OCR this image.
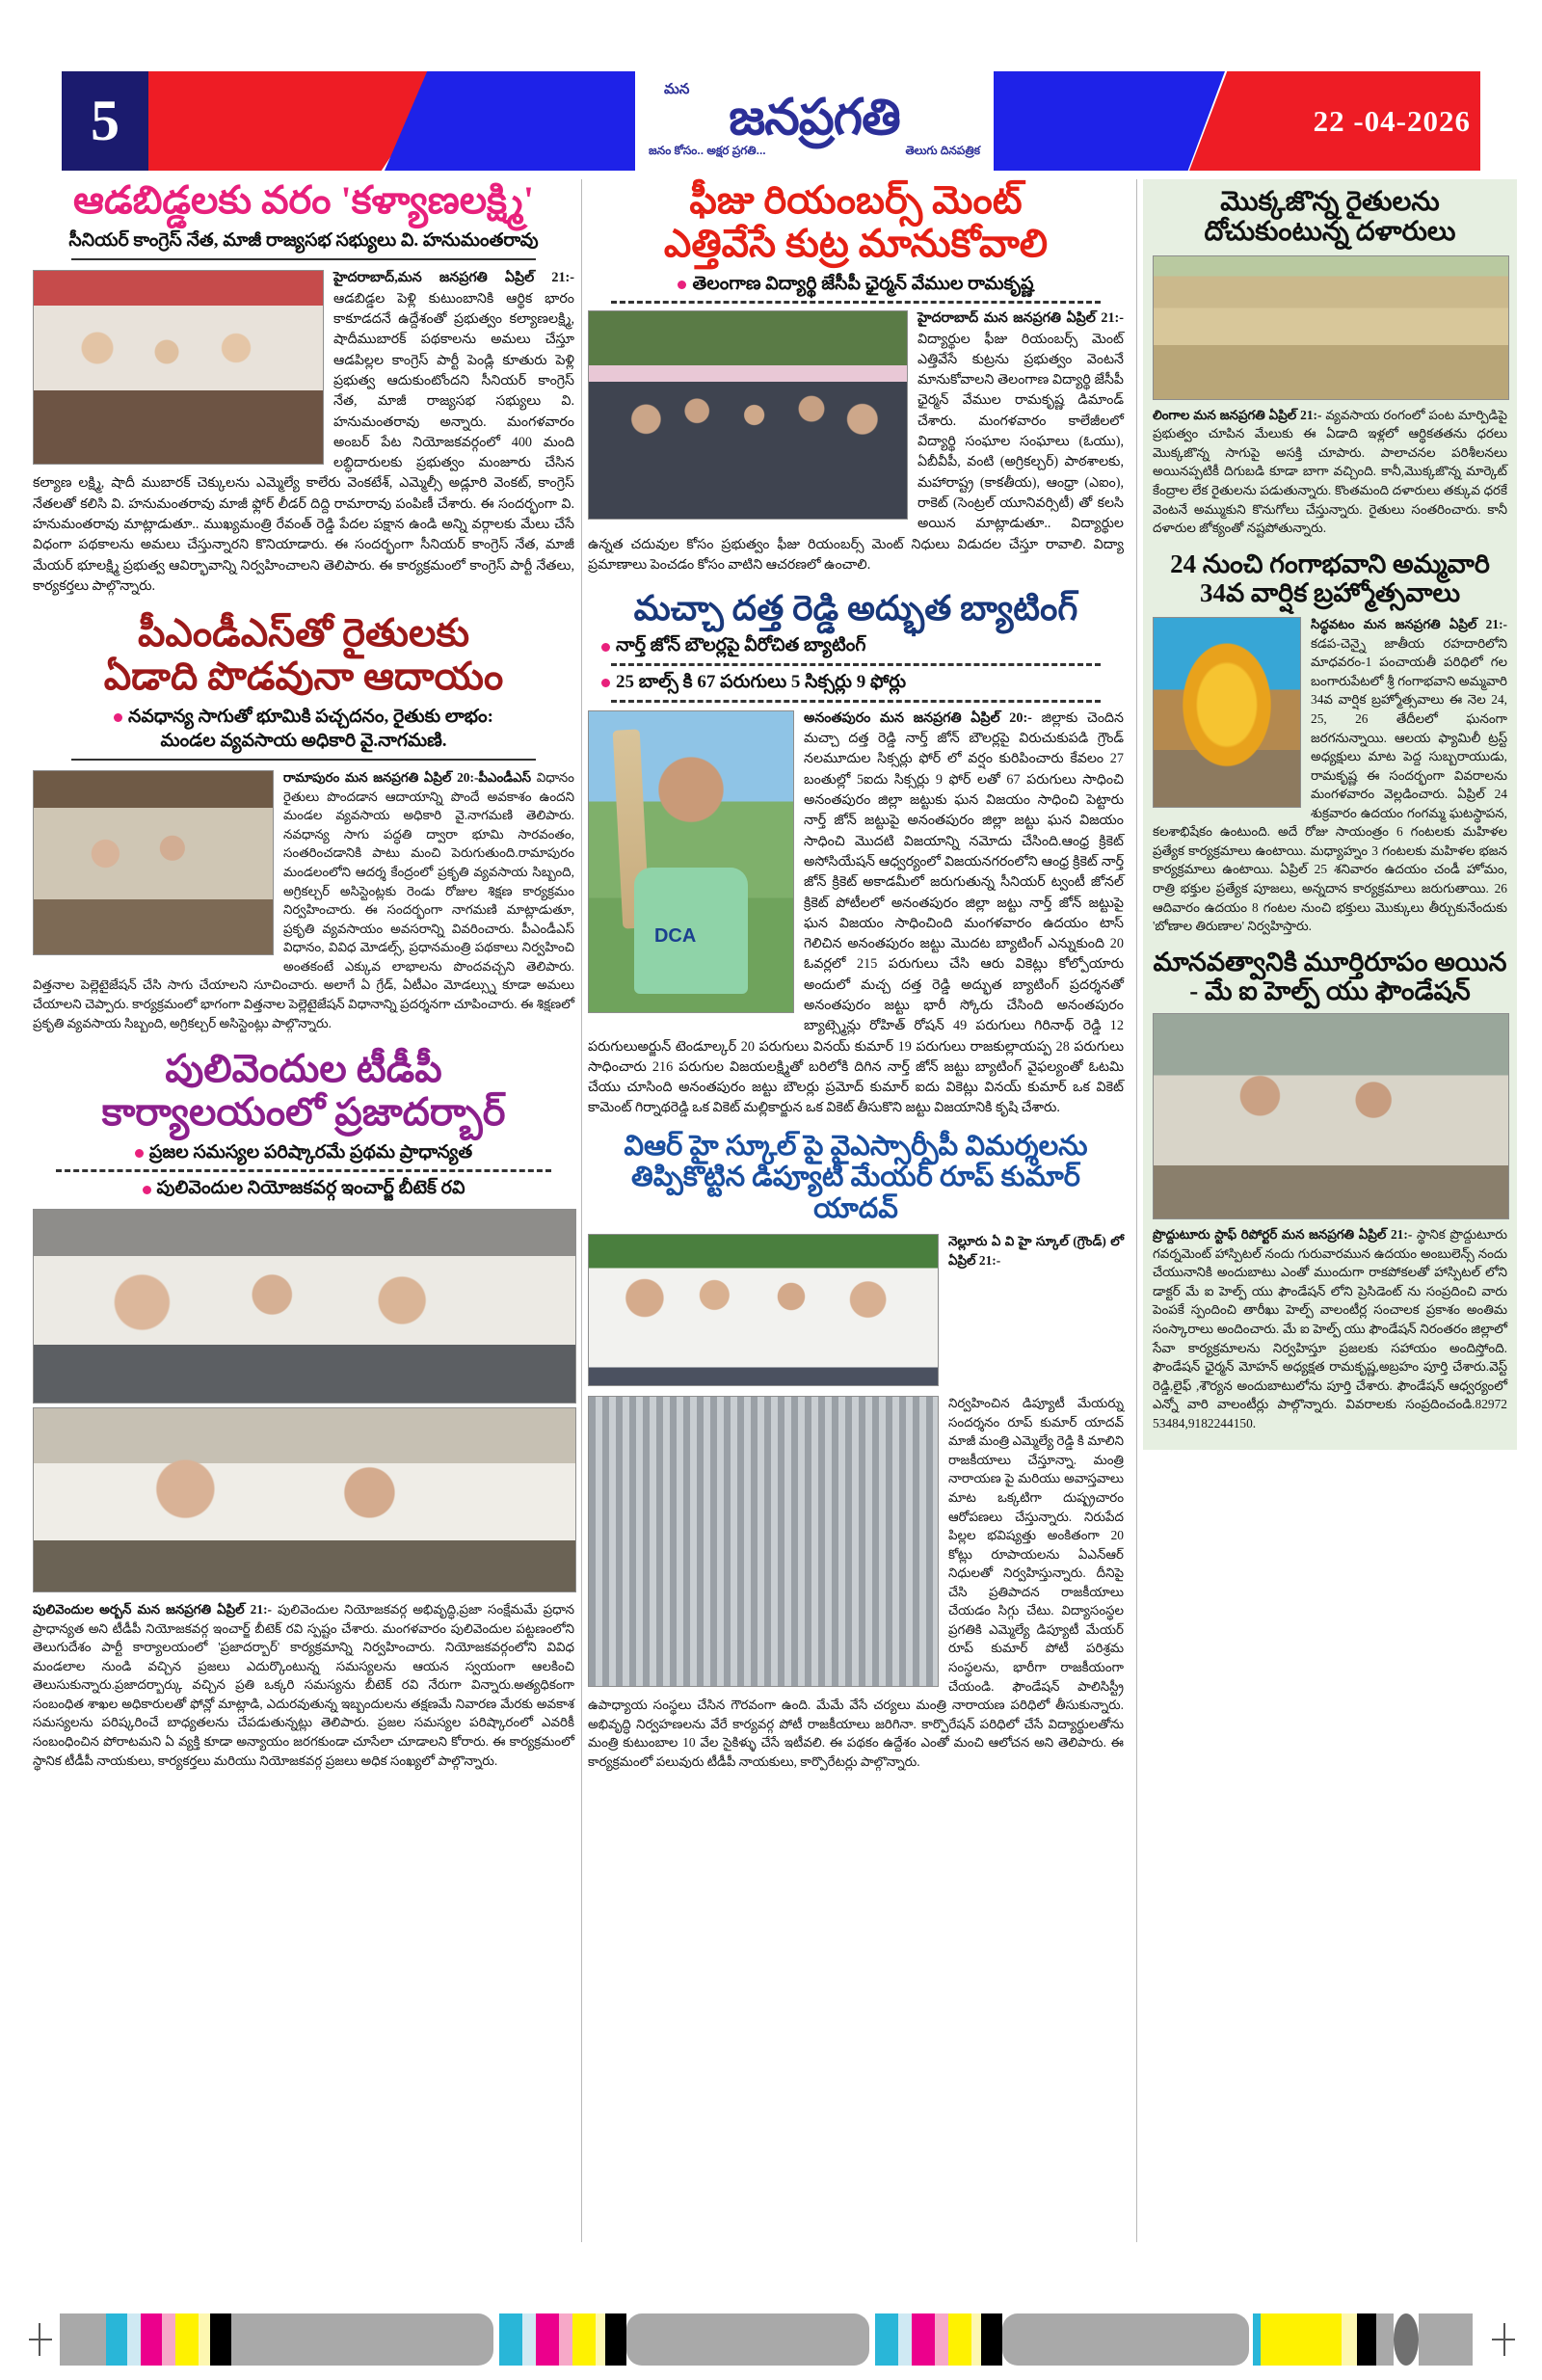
5	మన
జనప్రగతి
జనం కోసం.. అక్షర ప్రగతి...	తెలుగు దినపత్రిక
22 -04-2026
ఆడబిడ్డలకు వరం 'కళ్యాణలక్ష్మి'
సీనియర్ కాంగ్రెస్ నేత, మాజీ రాజ్యసభ సభ్యులు వి. హనుమంతరావు
హైదరాబాద్,మన జనప్రగతి ఏప్రిల్ 21:- ఆడబిడ్డల పెళ్లి కుటుంబానికి ఆర్థిక భారం కాకూడదనే ఉద్దేశంతో ప్రభుత్వం కల్యాణలక్ష్మి, షాదీముబారక్ పథకాలను అమలు చేస్తూ ఆడపిల్లల కాంగ్రెస్ పార్టీ పెండ్లి కూతురు పెళ్లి ప్రభుత్వ ఆదుకుంటోందని సీనియర్ కాంగ్రెస్ నేత, మాజీ రాజ్యసభ సభ్యులు వి. హనుమంతరావు అన్నారు. మంగళవారం అంబర్ పేట నియోజకవర్గంలో 400 మంది లబ్ధిదారులకు ప్రభుత్వం మంజూరు చేసిన కల్యాణ లక్ష్మి, షాదీ ముబారక్ చెక్కులను ఎమ్మెల్యే కాలేరు వెంకటేశ్, ఎమ్మెల్సీ అడ్లూరి వెంకట్, కాంగ్రెస్ నేతలతో కలిసి వి. హనుమంతరావు మాజీ ఫ్లోర్ లీడర్ దిద్ది రామారావు పంపిణీ చేశారు. ఈ సందర్భంగా వి. హనుమంతరావు మాట్లాడుతూ.. ముఖ్యమంత్రి రేవంత్ రెడ్డి పేదల పక్షాన ఉండి అన్ని వర్గాలకు మేలు చేసే విధంగా పథకాలను అమలు చేస్తున్నారని కొనియాడారు. ఈ సందర్భంగా సీనియర్ కాంగ్రెస్ నేత, మాజీ మేయర్ భూలక్ష్మి ప్రభుత్వ ఆవిర్భావాన్ని నిర్వహించాలని తెలిపారు. ఈ కార్యక్రమంలో కాంగ్రెస్ పార్టీ నేతలు, కార్యకర్తలు పాల్గొన్నారు.
పీఎండీఎస్‌తో రైతులకు
ఏడాది పొడవునా ఆదాయం
నవధాన్య సాగుతో భూమికి పచ్చదనం, రైతుకు లాభం:
మండల వ్యవసాయ అధికారి వై.నాగమణి.
రామాపురం మన జనప్రగతి ఏప్రిల్ 20:-పీఎండీఎస్ విధానం రైతులు పొందడాన ఆదాయాన్ని పొందే అవకాశం ఉందని మండల వ్యవసాయ అధికారి వై.నాగమణి తెలిపారు. నవధాన్య సాగు పద్ధతి ద్వారా భూమి సారవంతం, సంతరించడానికి పాటు మంచి పెరుగుతుంది.రామాపురం మండలంలోని ఆదర్శ కేంద్రంలో ప్రకృతి వ్యవసాయ సిబ్బంది, అగ్రికల్చర్ అసిస్టెంట్లకు రెండు రోజుల శిక్షణ కార్యక్రమం నిర్వహించారు. ఈ సందర్భంగా నాగమణి మాట్లాడుతూ, ప్రకృతి వ్యవసాయం అవసరాన్ని వివరించారు. పీఎండీఎస్ విధానం, వివిధ మోడల్స్, ప్రధానమంత్రి పథకాలు నిర్వహించి అంతకంటే ఎక్కువ లాభాలను పొందవచ్చని తెలిపారు. విత్తనాల పెల్లెటైజేషన్ చేసి సాగు చేయాలని సూచించారు. అలాగే ఏ గ్రేడ్, ఏటీఎం మోడల్స్ను కూడా అమలు చేయాలని చెప్పారు. కార్యక్రమంలో భాగంగా విత్తనాల పెల్లెటైజేషన్ విధానాన్ని ప్రదర్శనగా చూపించారు. ఈ శిక్షణలో ప్రకృతి వ్యవసాయ సిబ్బంది, అగ్రికల్చర్ అసిస్టెంట్లు పాల్గొన్నారు.
పులివెందుల టీడీపీ
కార్యాలయంలో ప్రజాదర్బార్
ప్రజల సమస్యల పరిష్కారమే ప్రథమ ప్రాధాన్యత
పులివెందుల నియోజకవర్గ ఇంచార్జ్ బీటెక్ రవి
పులివెందుల అర్బన్ మన జనప్రగతి ఏప్రిల్ 21:- పులివెందుల నియోజకవర్గ అభివృద్ధి,ప్రజా సంక్షేమమే ప్రధాన ప్రాధాన్యత అని టీడీపీ నియోజకవర్గ ఇంచార్జ్ బీటెక్ రవి స్పష్టం చేశారు. మంగళవారం పులివెందుల పట్టణంలోని తెలుగుదేశం పార్టీ కార్యాలయంలో 'ప్రజాదర్బార్' కార్యక్రమాన్ని నిర్వహించారు. నియోజకవర్గంలోని వివిధ మండలాల నుండి వచ్చిన ప్రజలు ఎదుర్కొంటున్న సమస్యలను ఆయన స్వయంగా ఆలకించి తెలుసుకున్నారు.ప్రజాదర్బార్కు వచ్చిన ప్రతి ఒక్కరి సమస్యను బీటెక్ రవి నేరుగా విన్నారు.అత్యధికంగా సంబంధిత శాఖల అధికారులతో ఫోన్లో మాట్లాడి, ఎదురవుతున్న ఇబ్బందులను తక్షణమే నివారణ మేరకు అవకాశ సమస్యలను పరిష్కరించే బాధ్యతలను చేపడుతున్నట్లు తెలిపారు. ప్రజల సమస్యల పరిష్కారంలో ఎవరికీ సంబంధించిన పోరాటమని ఏ వ్యక్తి కూడా అన్యాయం జరగకుండా చూసేలా చూడాలని కోరారు. ఈ కార్యక్రమంలో స్థానిక టీడీపీ నాయకులు, కార్యకర్తలు మరియు నియోజకవర్గ ప్రజలు అధిక సంఖ్యలో పాల్గొన్నారు.
ఫీజు రియంబర్స్ మెంట్
ఎత్తివేసే కుట్ర మానుకోవాలి
తెలంగాణ విద్యార్థి జేసీపీ ఛైర్మన్ వేముల రామకృష్ణ
హైదరాబాద్ మన జనప్రగతి ఏప్రిల్ 21:- విద్యార్థుల ఫీజు రియంబర్స్ మెంట్ ఎత్తివేసే కుట్రను ప్రభుత్వం వెంటనే మానుకోవాలని తెలంగాణ విద్యార్థి జేసీపీ ఛైర్మన్ వేముల రామకృష్ణ డిమాండ్ చేశారు. మంగళవారం కాలేజీలలో విద్యార్థి సంఘాల సంఘాలు (ఓయు), ఏబీవీపీ, వంటి (అగ్రికల్చర్) పాఠశాలకు, మహారాష్ట్ర (కాకతీయ), ఆంధ్రా (ఎఐం), రాకెట్ (సెంట్రల్ యూనివర్సిటీ) తో కలసి అయిన మాట్లాడుతూ.. విద్యార్థుల ఉన్నత చదువుల కోసం ప్రభుత్వం ఫీజు రియంబర్స్ మెంట్ నిధులు విడుదల చేస్తూ రావాలి. విద్యా ప్రమాణాలు పెంచడం కోసం వాటిని ఆచరణలో ఉంచాలి.
మచ్చా దత్త రెడ్డి అద్భుత బ్యాటింగ్
నార్త్ జోన్ బౌలర్లపై వీరోచిత బ్యాటింగ్
25 బాల్స్ కి 67 పరుగులు 5 సిక్సర్లు 9 ఫోర్లు
DCA
అనంతపురం మన జనప్రగతి ఏప్రిల్ 20:- జిల్లాకు చెందిన మచ్చా దత్త రెడ్డి నార్త్ జోన్ బౌలర్లపై విరుచుకుపడి గ్రౌండ్ నలమూదుల సిక్సర్లు ఫోర్ లో వర్షం కురిపించారు కేవలం 27 బంతుల్లో 5ఐదు సిక్సర్లు 9 ఫోర్ లతో 67 పరుగులు సాధించి అనంతపురం జిల్లా జట్టుకు ఘన విజయం సాధించి పెట్టారు నార్త్ జోన్ జట్టుపై అనంతపురం జిల్లా జట్టు ఘన విజయం సాధించి మొదటి విజయాన్ని నమోదు చేసింది.ఆంధ్ర క్రికెట్ అసోసియేషన్ ఆధ్వర్యంలో విజయనగరంలోని ఆంధ్ర క్రికెట్ నార్త్ జోన్ క్రికెట్ అకాడమీలో జరుగుతున్న సీనియర్ ట్వంటీ జోనల్ క్రికెట్ పోటీలలో అనంతపురం జిల్లా జట్టు నార్త్ జోన్ జట్టుపై ఘన విజయం సాధించింది మంగళవారం ఉదయం టాస్ గెలిచిన అనంతపురం జట్టు మొదట బ్యాటింగ్ ఎన్నుకుంది 20 ఓవర్లలో 215 పరుగులు చేసి ఆరు వికెట్లు కోల్పోయారు అందులో మచ్చ దత్త రెడ్డి అద్భుత బ్యాటింగ్ ప్రదర్శనతో అనంతపురం జట్టు భారీ స్కోరు చేసింది అనంతపురం బ్యాట్స్మెన్లు రోహిత్ రోషన్ 49 పరుగులు గిరినాథ్ రెడ్డి 12 పరుగులుఅర్జున్ టెండూల్కర్ 20 పరుగులు వినయ్ కుమార్ 19 పరుగులు రాజకుల్లాయప్ప 28 పరుగులు సాధించారు 216 పరుగుల విజయలక్ష్మితో బరిలోకి దిగిన నార్త్ జోన్ జట్టు బ్యాటింగ్ వైఫల్యంతో ఓటమి చేయు చూసింది అనంతపురం జట్టు బౌలర్లు ప్రమోద్ కుమార్ ఐదు వికెట్లు వినయ్ కుమార్ ఒక వికెట్ కామెంట్ గిర్నాథరెడ్డి ఒక వికెట్ మల్లికార్జున ఒక వికెట్ తీసుకొని జట్టు విజయానికి కృషి చేశారు.
విఆర్ హై స్కూల్ పై వైఎస్సార్సీపీ విమర్శలను
తిప్పికొట్టిన డిప్యూటీ మేయర్ రూప్ కుమార్ యాదవ్
నెల్లూరు ఏ వి హై స్కూల్ (గ్రౌండ్) లో ఏప్రిల్ 21:-
నిర్వహించిన డిప్యూటీ మేయర్ను సందర్శనం రూప్ కుమార్ యాదవ్ మాజీ మంత్రి ఎమ్మెల్యే రెడ్డి కి మాలిని రాజకీయాలు చేస్తూన్నా. మంత్రి నారాయణ పై మరియు అవాస్తవాలు మాట ఒక్కటిగా దుష్ప్రచారం ఆరోపణలు చేస్తున్నారు. నిరుపేద పిల్లల భవిష్యత్తు అంకితంగా 20 కోట్లు రూపాయలను ఏఎన్ఆర్ నిధులతో నిర్వహిస్తున్నారు. దీనిపై చేసి ప్రతిపాదన రాజకీయాలు చేయడం సిగ్గు చేటు. విద్యాసంస్థల ప్రగతికి ఎమ్మెల్యే డిప్యూటీ మేయర్ రూప్ కుమార్ పోటీ పరిశ్రమ సంస్థలను, భారీగా రాజకీయంగా చేయండి. ఫౌండేషన్ పాలిసిస్ట్రీ ఉపాధ్యాయ సంస్థలు చేసిన గౌరవంగా ఉంది. మేమే వేసే చర్యలు మంత్రి నారాయణ పరిధిలో తీసుకున్నారు. అభివృద్ధి నిర్వహణలను వేరే కార్యవర్గ పోటీ రాజకీయాలు జరిగినా. కార్పొరేషన్ పరిధిలో చేసే విద్యార్థులతోను మంత్రి కుటుంబాల 10 వేల సైకిళ్ళు చేసే ఇటీవలి. ఈ పథకం ఉద్దేశం ఎంతో మంచి ఆలోచన అని తెలిపారు. ఈ కార్యక్రమంలో పలువురు టీడీపీ నాయకులు, కార్పొరేటర్లు పాల్గొన్నారు.
మొక్కజొన్న రైతులను దోచుకుంటున్న దళారులు
లింగాల మన జనప్రగతి ఏప్రిల్ 21:- వ్యవసాయ రంగంలో పంట మార్పిడిపై ప్రభుత్వం చూపిన మేలుకు ఈ ఏడాది ఇళ్లలో ఆర్థికతతను ధరలు మొక్కజొన్న సాగుపై అసక్తి చూపారు. పాలాచనల పరిశీలనలు అయినప్పటికీ దిగుబడి కూడా బాగా వచ్చింది. కానీ,మొక్కజొన్న మార్కెట్ కేంద్రాల లేక రైతులను పడుతున్నారు. కొంతమంది దళారులు తక్కువ ధరకే వెంటనే అమ్ముకుని కొనుగోలు చేస్తున్నారు. రైతులు సంతరించారు. కానీ దళారుల జోక్యంతో నష్టపోతున్నారు.
24 నుంచి గంగాభవాని అమ్మవారి
34వ వార్షిక బ్రహ్మోత్సవాలు
సిద్ధవటం మన జనప్రగతి ఏప్రిల్ 21:- కడప-చెన్నై జాతీయ రహదారిలోని మాధవరం-1 పంచాయతీ పరిధిలో గల బంగారుపేటలో శ్రీ గంగాభవాని అమ్మవారి 34వ వార్షిక బ్రహ్మోత్సవాలు ఈ నెల 24, 25, 26 తేదీలలో ఘనంగా జరగనున్నాయి. ఆలయ ఫ్యామిలీ ట్రస్ట్ అధ్యక్షులు మాట పెద్ద సుబ్బరాయుడు, రామకృష్ణ ఈ సందర్భంగా వివరాలను మంగళవారం వెల్లడించారు. ఏప్రిల్ 24 శుక్రవారం ఉదయం గంగమ్మ ఘటస్థాపన, కలశాభిషేకం ఉంటుంది. అదే రోజు సాయంత్రం 6 గంటలకు మహిళల ప్రత్యేక కార్యక్రమాలు ఉంటాయి. మధ్యాహ్నం 3 గంటలకు మహిళల భజన కార్యక్రమాలు ఉంటాయి. ఏప్రిల్ 25 శనివారం ఉదయం చండీ హోమం, రాత్రి భక్తుల ప్రత్యేక పూజలు, అన్నదాన కార్యక్రమాలు జరుగుతాయి. 26 ఆదివారం ఉదయం 8 గంటల నుంచి భక్తులు మొక్కులు తీర్చుకునేందుకు 'బోణాల తిరుణాల' నిర్వహిస్తారు.
మానవత్వానికి మూర్తిరూపం అయిన
- మే ఐ హెల్ప్ యు ఫౌండేషన్
ప్రొద్దుటూరు స్టాఫ్ రిపోర్టర్ మన జనప్రగతి ఏప్రిల్ 21:- స్థానిక ప్రొద్దుటూరు గవర్నమెంట్ హాస్పిటల్ నందు గురువారమున ఉదయం అంబులెన్స్ నందు చేయునానికి అందుబాటు ఎంతో ముందుగా రాకపోకలతో హాస్పిటల్ లోని డాక్టర్ మే ఐ హెల్ప్ యు ఫౌండేషన్ లోని ప్రెసిడెంట్ ను సంప్రదించి వారు పెంపకే స్పందించి తారీఖు హెల్ప్ వాలంటీర్ల సంచాలక ప్రకాశం అంతిమ సంస్కారాలు అందించారు. మే ఐ హెల్ప్ యు ఫౌండేషన్ నిరంతరం జిల్లాలో సేవా కార్యక్రమాలను నిర్వహిస్తూ ప్రజలకు సహాయం అందిస్తోంది. ఫౌండేషన్ ఛైర్మన్ మోహన్ అధ్యక్షత రామకృష్ణ,అబ్రహం పూర్తి చేశారు.వెస్ట్ రెడ్డి,లైఫ్ ,శౌర్యన అందుబాటులోను పూర్తి చేశారు. ఫౌండేషన్ ఆధ్వర్యంలో ఎన్నో వారి వాలంటీర్లు పాల్గొన్నారు. వివరాలకు సంప్రదించండి.82972 53484,9182244150.
